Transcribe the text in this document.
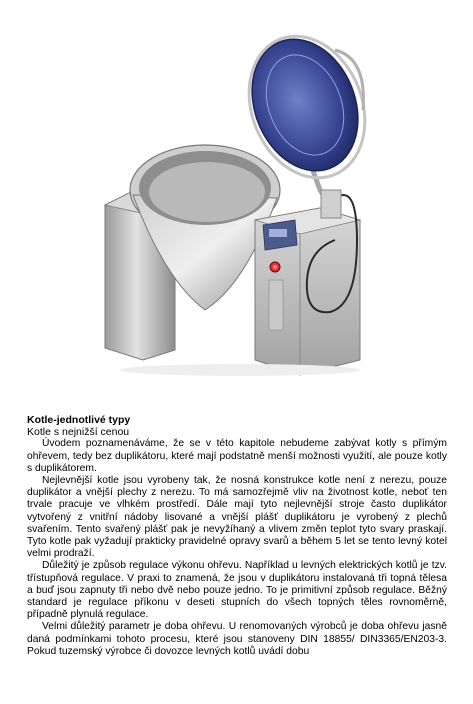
Kotle-jednotlivé typy
Kotle s nejnižší cenou

Úvodem poznamenáváme, že se v této kapitole nebudeme zabývat kotly s přímým ohřevem, tedy bez duplikátoru, které mají podstatně menší možnosti využití, ale pouze kotly s duplikátorem.

Nejlevnější kotle jsou vyrobeny tak, že nosná konstrukce kotle není z nerezu, pouze duplikátor a vnější plechy z nerezu. To má samozřejmě vliv na životnost kotle, neboť ten trvale pracuje ve vlhkém prostředí. Dále mají tyto nejlevnější stroje často duplikátor vytvořený z vnitřní nádoby lisované a vnější plášť duplikátoru je vyrobený z plechů svařením. Tento svařený plášť pak je nevyžíhaný a vlivem změn teplot tyto svary praskají. Tyto kotle pak vyžadují prakticky pravidelné opravy svarů a během 5 let se tento levný kotel velmi prodraží.

Důležitý je způsob regulace výkonu ohřevu. Například u levných elektrických kotlů je tzv. třístupňová regulace. V praxi to znamená, že jsou v duplikátoru instalovaná tři topná tělesa a buď jsou zapnuty tři nebo dvě nebo pouze jedno. To je primitivní způsob regulace. Běžný standard je regulace příkonu v deseti stupních do všech topných těles rovnoměrně, případně plynulá regulace.

Velmi důležitý parametr je doba ohřevu. U renomovaných výrobců je doba ohřevu jasně daná podmínkami tohoto procesu, které jsou stanoveny DIN 18855/ DIN3365/EN203-3. Pokud tuzemský výrobce či dovozce levných kotlů uvádí dobu
